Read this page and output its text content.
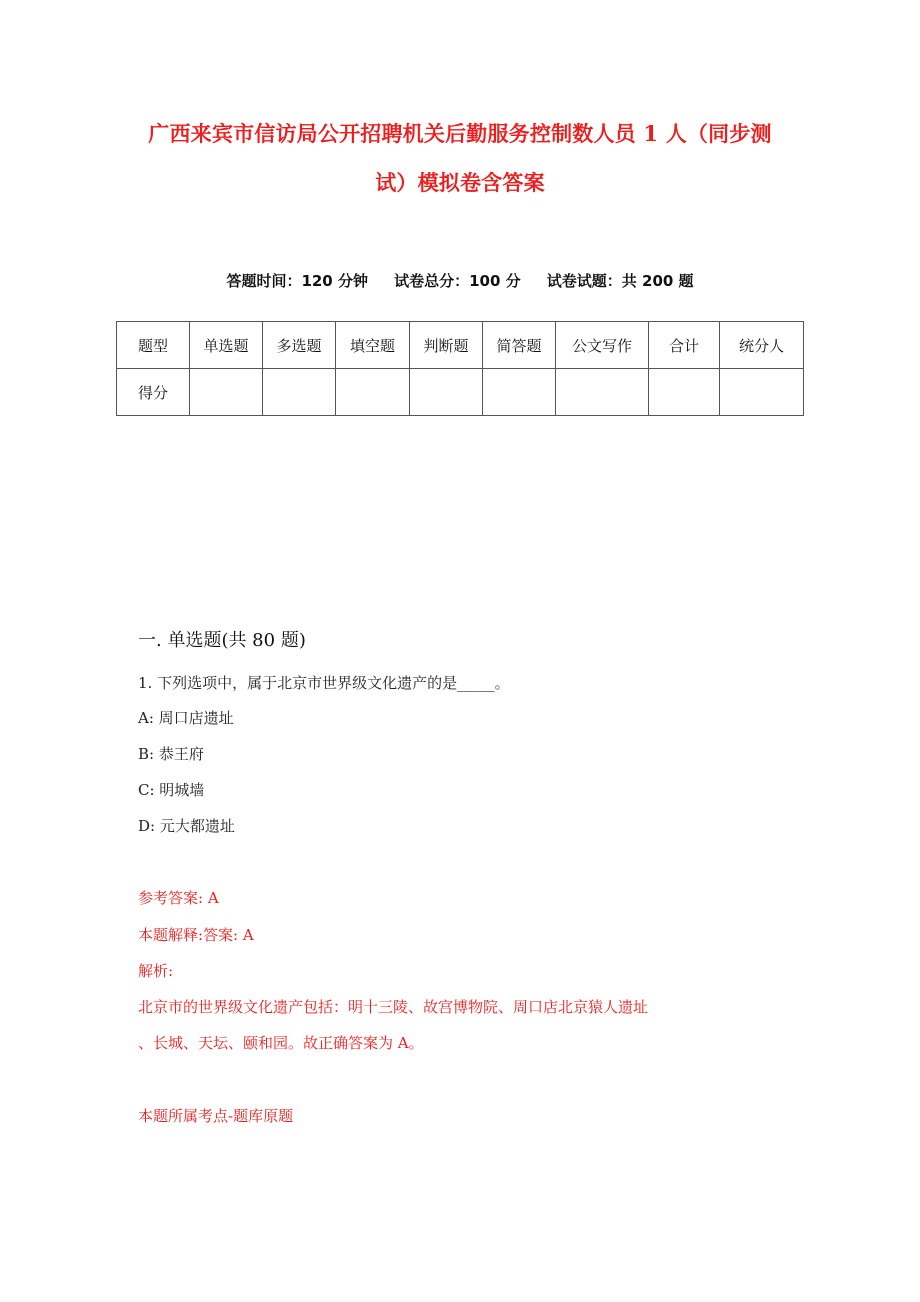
广西来宾市信访局公开招聘机关后勤服务控制数人员 1 人（同步测
试）模拟卷含答案
答题时间：120 分钟 试卷总分：100 分 试卷试题：共 200 题
题型	单选题	多选题	填空题	判断题	简答题	公文写作	合计	统分人
得分								
一. 单选题(共 80 题)
1. 下列选项中，属于北京市世界级文化遗产的是_____。
A: 周口店遗址
B: 恭王府
C: 明城墙
D: 元大都遗址
参考答案: A
本题解释:答案: A
解析:
北京市的世界级文化遗产包括：明十三陵、故宫博物院、周口店北京猿人遗址
、长城、天坛、颐和园。故正确答案为 A。
本题所属考点-题库原题
